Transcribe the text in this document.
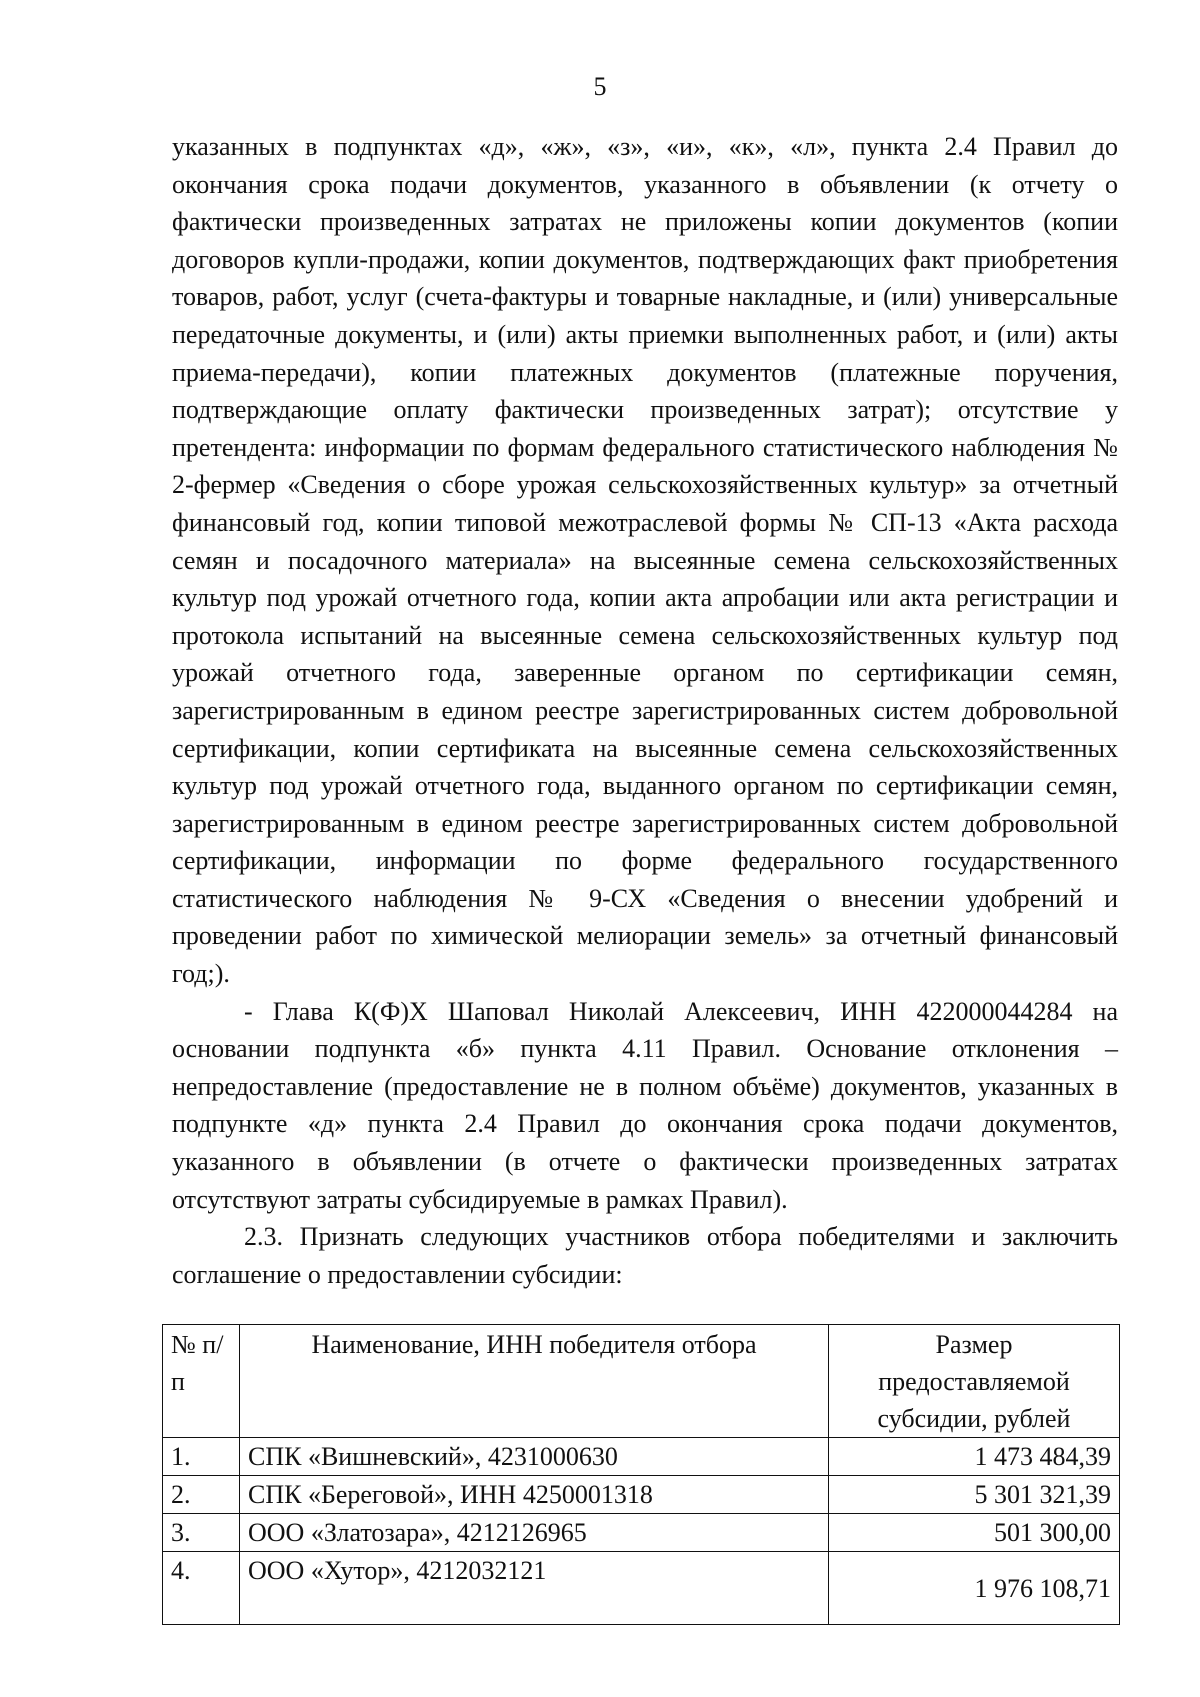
5

указанных в подпунктах «д», «ж», «з», «и», «к», «л», пункта 2.4 Правил до окончания срока подачи документов, указанного в объявлении (к отчету о фактически произведенных затратах не приложены копии документов (копии договоров купли-продажи, копии документов, подтверждающих факт приобретения товаров, работ, услуг (счета-фактуры и товарные накладные, и (или) универсальные передаточные документы, и (или) акты приемки выполненных работ, и (или) акты приема-передачи), копии платежных документов (платежные поручения, подтверждающие оплату фактически произведенных затрат); отсутствие у претендента: информации по формам федерального статистического наблюдения № 2-фермер «Сведения о сборе урожая сельскохозяйственных культур» за отчетный финансовый год, копии типовой межотраслевой формы № СП-13 «Акта расхода семян и посадочного материала» на высеянные семена сельскохозяйственных культур под урожай отчетного года, копии акта апробации или акта регистрации и протокола испытаний на высеянные семена сельскохозяйственных культур под урожай отчетного года, заверенные органом по сертификации семян, зарегистрированным в едином реестре зарегистрированных систем добровольной сертификации, копии сертификата на высеянные семена сельскохозяйственных культур под урожай отчетного года, выданного органом по сертификации семян, зарегистрированным в едином реестре зарегистрированных систем добровольной сертификации, информации по форме федерального государственного статистического наблюдения № 9-СХ «Сведения о внесении удобрений и проведении работ по химической мелиорации земель» за отчетный финансовый год;).

- Глава К(Ф)Х Шаповал Николай Алексеевич, ИНН 422000044284 на основании подпункта «б» пункта 4.11 Правил. Основание отклонения – непредоставление (предоставление не в полном объёме) документов, указанных в подпункте «д» пункта 2.4 Правил до окончания срока подачи документов, указанного в объявлении (в отчете о фактически произведенных затратах отсутствуют затраты субсидируемые в рамках Правил).

2.3. Признать следующих участников отбора победителями и заключить соглашение о предоставлении субсидии:

№ п/п	Наименование, ИНН победителя отбора	Размер предоставляемой субсидии, рублей
1.	СПК «Вишневский», 4231000630	1 473 484,39
2.	СПК «Береговой», ИНН 4250001318	5 301 321,39
3.	ООО «Златозара», 4212126965	501 300,00
4.	ООО «Хутор», 4212032121	1 976 108,71
